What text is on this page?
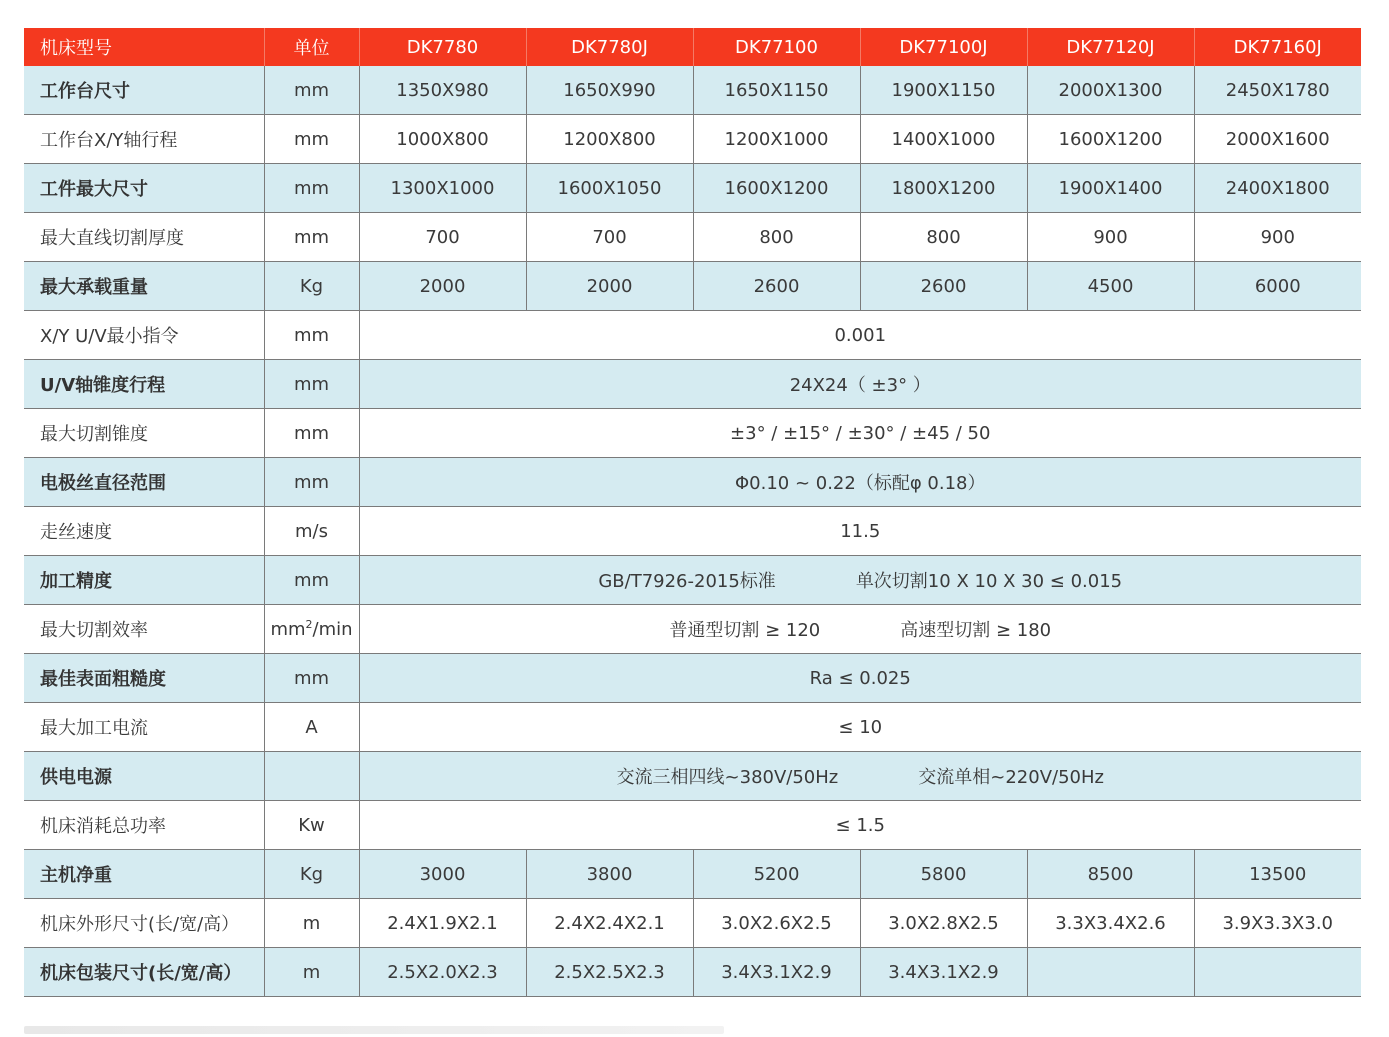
机床型号	单位	DK7780	DK7780J	DK77100	DK77100J	DK77120J	DK77160J
工作台尺寸	mm	1350X980	1650X990	1650X1150	1900X1150	2000X1300	2450X1780
工作台X/Y轴行程	mm	1000X800	1200X800	1200X1000	1400X1000	1600X1200	2000X1600
工件最大尺寸	mm	1300X1000	1600X1050	1600X1200	1800X1200	1900X1400	2400X1800
最大直线切割厚度	mm	700	700	800	800	900	900
最大承载重量	Kg	2000	2000	2600	2600	4500	6000
X/Y U/V最小指令	mm	0.001					
U/V轴锥度行程	mm	24X24（ ±3° ）					
最大切割锥度	mm	±3° / ±15° / ±30° / ±45 / 50					
电极丝直径范围	mm	Φ0.10 ~ 0.22（标配φ 0.18）					
走丝速度	m/s	11.5					
加工精度	mm	GB/T7926-2015标准 单次切割10 X 10 X 30 ≤ 0.015					
最大切割效率	$mm^2/\min$	普通型切割 ≥ 120 高速型切割 ≥ 180					
最佳表面粗糙度	mm	Ra ≤ 0.025					
最大加工电流	A	≤ 10					
供电电源		交流三相四线~380V/50Hz 交流单相~220V/50Hz					
机床消耗总功率	Kw	≤ 1.5					
主机净重	Kg	3000	3800	5200	5800	8500	13500
机床外形尺寸(长/宽/高）	m	2.4X1.9X2.1	2.4X2.4X2.1	3.0X2.6X2.5	3.0X2.8X2.5	3.3X3.4X2.6	3.9X3.3X3.0
机床包装尺寸(长/宽/高）	m	2.5X2.0X2.3	2.5X2.5X2.3	3.4X3.1X2.9	3.4X3.1X2.9		
